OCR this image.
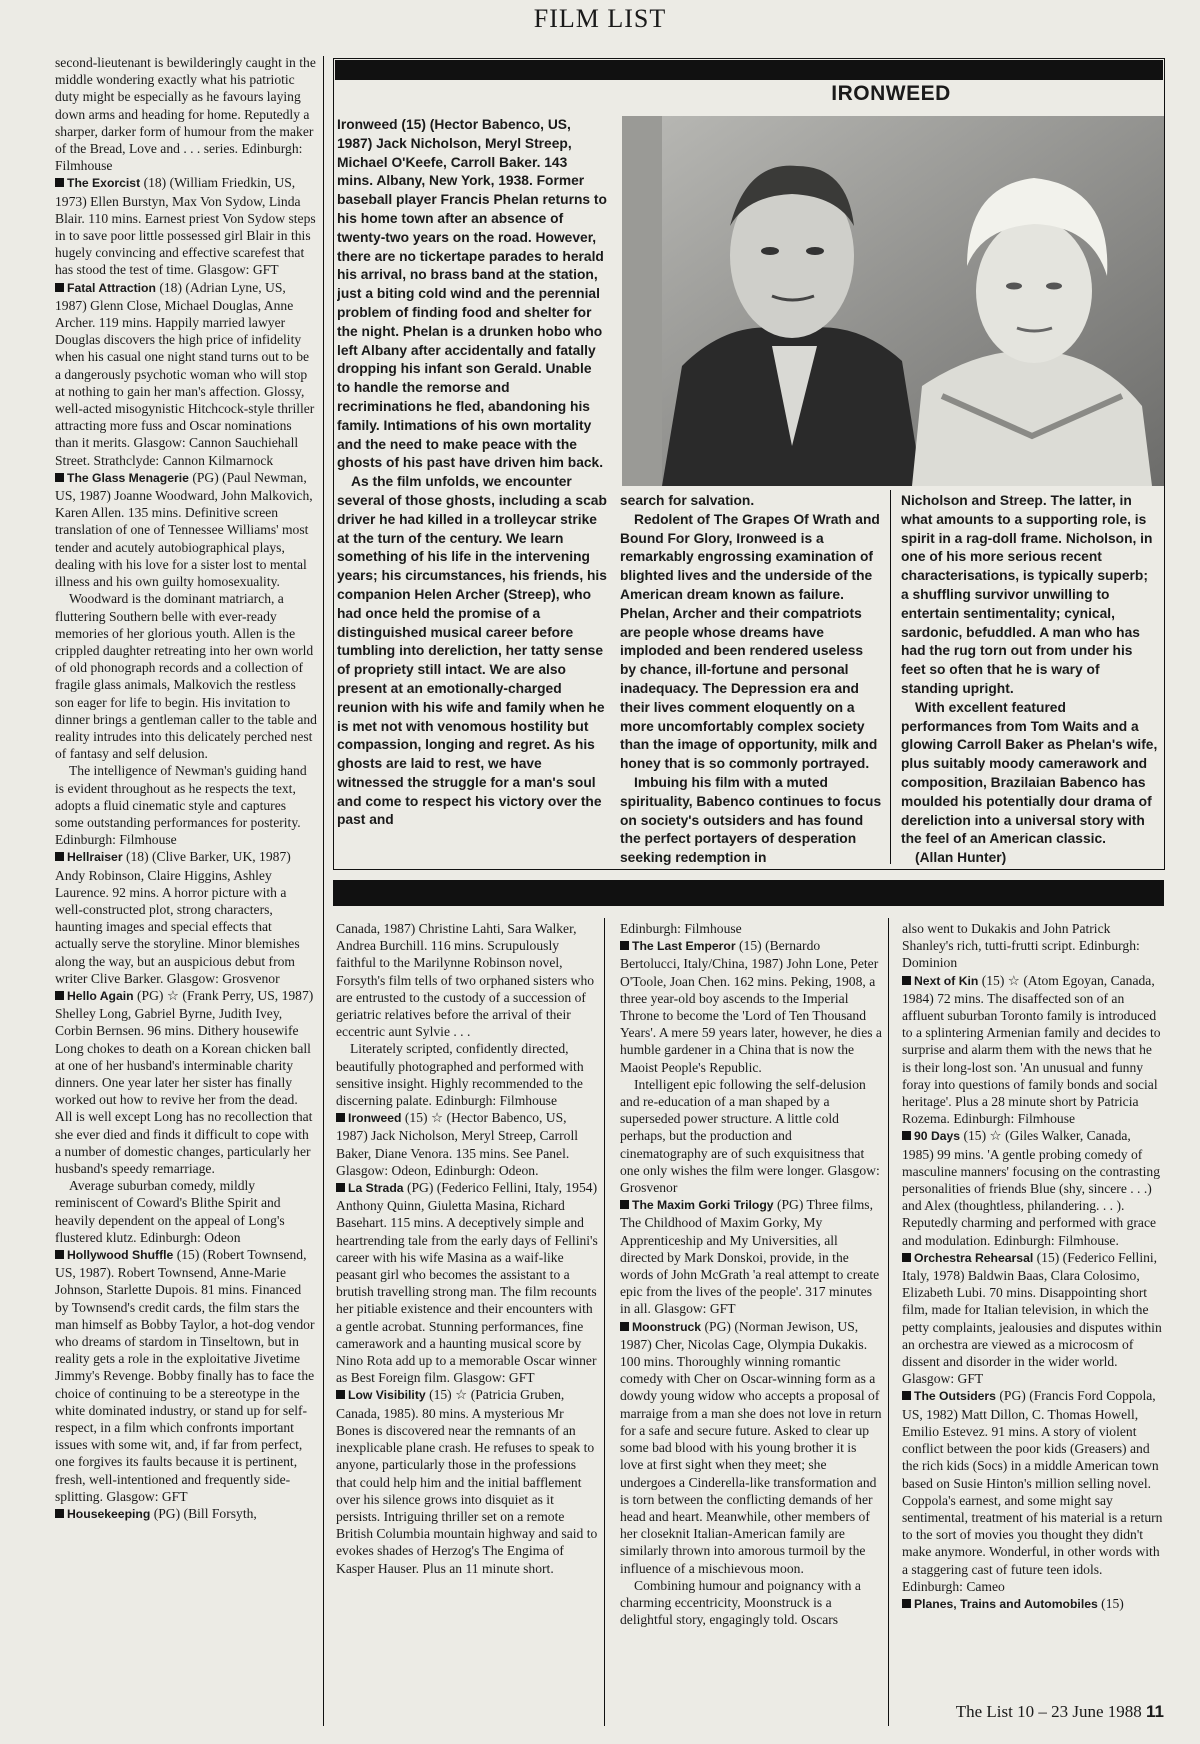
FILM LIST

second-lieutenant is bewilderingly caught in the middle wondering exactly what his patriotic duty might be especially as he favours laying down arms and heading for home. Reputedly a sharper, darker form of humour from the maker of the Bread, Love and . . . series. Edinburgh: Filmhouse

The Exorcist (18) (William Friedkin, US, 1973) Ellen Burstyn, Max Von Sydow, Linda Blair. 110 mins. Earnest priest Von Sydow steps in to save poor little possessed girl Blair in this hugely convincing and effective scarefest that has stood the test of time. Glasgow: GFT

Fatal Attraction (18) (Adrian Lyne, US, 1987) Glenn Close, Michael Douglas, Anne Archer. 119 mins. Happily married lawyer Douglas discovers the high price of infidelity when his casual one night stand turns out to be a dangerously psychotic woman who will stop at nothing to gain her man's affection. Glossy, well-acted misogynistic Hitchcock-style thriller attracting more fuss and Oscar nominations than it merits. Glasgow: Cannon Sauchiehall Street. Strathclyde: Cannon Kilmarnock

The Glass Menagerie (PG) (Paul Newman, US, 1987) Joanne Woodward, John Malkovich, Karen Allen. 135 mins. Definitive screen translation of one of Tennessee Williams' most tender and acutely autobiographical plays, dealing with his love for a sister lost to mental illness and his own guilty homosexuality.

Woodward is the dominant matriarch, a fluttering Southern belle with ever-ready memories of her glorious youth. Allen is the crippled daughter retreating into her own world of old phonograph records and a collection of fragile glass animals, Malkovich the restless son eager for life to begin. His invitation to dinner brings a gentleman caller to the table and reality intrudes into this delicately perched nest of fantasy and self delusion.

The intelligence of Newman's guiding hand is evident throughout as he respects the text, adopts a fluid cinematic style and captures some outstanding performances for posterity. Edinburgh: Filmhouse

Hellraiser (18) (Clive Barker, UK, 1987) Andy Robinson, Claire Higgins, Ashley Laurence. 92 mins. A horror picture with a well-constructed plot, strong characters, haunting images and special effects that actually serve the storyline. Minor blemishes along the way, but an auspicious debut from writer Clive Barker. Glasgow: Grosvenor

Hello Again (PG) ☆ (Frank Perry, US, 1987) Shelley Long, Gabriel Byrne, Judith Ivey, Corbin Bernsen. 96 mins. Dithery housewife Long chokes to death on a Korean chicken ball at one of her husband's interminable charity dinners. One year later her sister has finally worked out how to revive her from the dead. All is well except Long has no recollection that she ever died and finds it difficult to cope with a number of domestic changes, particularly her husband's speedy remarriage.

Average suburban comedy, mildly reminiscent of Coward's Blithe Spirit and heavily dependent on the appeal of Long's flustered klutz. Edinburgh: Odeon

Hollywood Shuffle (15) (Robert Townsend, US, 1987). Robert Townsend, Anne-Marie Johnson, Starlette Dupois. 81 mins. Financed by Townsend's credit cards, the film stars the man himself as Bobby Taylor, a hot-dog vendor who dreams of stardom in Tinseltown, but in reality gets a role in the exploitative Jivetime Jimmy's Revenge. Bobby finally has to face the choice of continuing to be a stereotype in the white dominated industry, or stand up for self-respect, in a film which confronts important issues with some wit, and, if far from perfect, one forgives its faults because it is pertinent, fresh, well-intentioned and frequently side-splitting. Glasgow: GFT

Housekeeping (PG) (Bill Forsyth,

IRONWEED

Ironweed (15) (Hector Babenco, US, 1987) Jack Nicholson, Meryl Streep, Michael O'Keefe, Carroll Baker. 143 mins. Albany, New York, 1938. Former baseball player Francis Phelan returns to his home town after an absence of twenty-two years on the road. However, there are no tickertape parades to herald his arrival, no brass band at the station, just a biting cold wind and the perennial problem of finding food and shelter for the night. Phelan is a drunken hobo who left Albany after accidentally and fatally dropping his infant son Gerald. Unable to handle the remorse and recriminations he fled, abandoning his family. Intimations of his own mortality and the need to make peace with the ghosts of his past have driven him back.

As the film unfolds, we encounter several of those ghosts, including a scab driver he had killed in a trolleycar strike at the turn of the century. We learn something of his life in the intervening years; his circumstances, his friends, his companion Helen Archer (Streep), who had once held the promise of a distinguished musical career before tumbling into dereliction, her tatty sense of propriety still intact. We are also present at an emotionally-charged reunion with his wife and family when he is met not with venomous hostility but compassion, longing and regret. As his ghosts are laid to rest, we have witnessed the struggle for a man's soul and come to respect his victory over the past and

search for salvation.

Redolent of The Grapes Of Wrath and Bound For Glory, Ironweed is a remarkably engrossing examination of blighted lives and the underside of the American dream known as failure. Phelan, Archer and their compatriots are people whose dreams have imploded and been rendered useless by chance, ill-fortune and personal inadequacy. The Depression era and their lives comment eloquently on a more uncomfortably complex society than the image of opportunity, milk and honey that is so commonly portrayed.

Imbuing his film with a muted spirituality, Babenco continues to focus on society's outsiders and has found the perfect portayers of desperation seeking redemption in

Nicholson and Streep. The latter, in what amounts to a supporting role, is spirit in a rag-doll frame. Nicholson, in one of his more serious recent characterisations, is typically superb; a shuffling survivor unwilling to entertain sentimentality; cynical, sardonic, befuddled. A man who has had the rug torn out from under his feet so often that he is wary of standing upright.

With excellent featured performances from Tom Waits and a glowing Carroll Baker as Phelan's wife, plus suitably moody camerawork and composition, Brazilaian Babenco has moulded his potentially dour drama of dereliction into a universal story with the feel of an American classic.

(Allan Hunter)

Canada, 1987) Christine Lahti, Sara Walker, Andrea Burchill. 116 mins. Scrupulously faithful to the Marilynne Robinson novel, Forsyth's film tells of two orphaned sisters who are entrusted to the custody of a succession of geriatric relatives before the arrival of their eccentric aunt Sylvie . . .

Literately scripted, confidently directed, beautifully photographed and performed with sensitive insight. Highly recommended to the discerning palate. Edinburgh: Filmhouse

Ironweed (15) ☆ (Hector Babenco, US, 1987) Jack Nicholson, Meryl Streep, Carroll Baker, Diane Venora. 135 mins. See Panel. Glasgow: Odeon, Edinburgh: Odeon.

La Strada (PG) (Federico Fellini, Italy, 1954) Anthony Quinn, Giuletta Masina, Richard Basehart. 115 mins. A deceptively simple and heartrending tale from the early days of Fellini's career with his wife Masina as a waif-like peasant girl who becomes the assistant to a brutish travelling strong man. The film recounts her pitiable existence and their encounters with a gentle acrobat. Stunning performances, fine camerawork and a haunting musical score by Nino Rota add up to a memorable Oscar winner as Best Foreign film. Glasgow: GFT

Low Visibility (15) ☆ (Patricia Gruben, Canada, 1985). 80 mins. A mysterious Mr Bones is discovered near the remnants of an inexplicable plane crash. He refuses to speak to anyone, particularly those in the professions that could help him and the initial bafflement over his silence grows into disquiet as it persists. Intriguing thriller set on a remote British Columbia mountain highway and said to evokes shades of Herzog's The Engima of Kasper Hauser. Plus an 11 minute short.

Edinburgh: Filmhouse

The Last Emperor (15) (Bernardo Bertolucci, Italy/China, 1987) John Lone, Peter O'Toole, Joan Chen. 162 mins. Peking, 1908, a three year-old boy ascends to the Imperial Throne to become the 'Lord of Ten Thousand Years'. A mere 59 years later, however, he dies a humble gardener in a China that is now the Maoist People's Republic.

Intelligent epic following the self-delusion and re-education of a man shaped by a superseded power structure. A little cold perhaps, but the production and cinematography are of such exquisitness that one only wishes the film were longer. Glasgow: Grosvenor

The Maxim Gorki Trilogy (PG) Three films, The Childhood of Maxim Gorky, My Apprenticeship and My Universities, all directed by Mark Donskoi, provide, in the words of John McGrath 'a real attempt to create epic from the lives of the people'. 317 minutes in all. Glasgow: GFT

Moonstruck (PG) (Norman Jewison, US, 1987) Cher, Nicolas Cage, Olympia Dukakis. 100 mins. Thoroughly winning romantic comedy with Cher on Oscar-winning form as a dowdy young widow who accepts a proposal of marraige from a man she does not love in return for a safe and secure future. Asked to clear up some bad blood with his young brother it is love at first sight when they meet; she undergoes a Cinderella-like transformation and is torn between the conflicting demands of her head and heart. Meanwhile, other members of her closeknit Italian-American family are similarly thrown into amorous turmoil by the influence of a mischievous moon.

Combining humour and poignancy with a charming eccentricity, Moonstruck is a delightful story, engagingly told. Oscars

also went to Dukakis and John Patrick Shanley's rich, tutti-frutti script. Edinburgh: Dominion

Next of Kin (15) ☆ (Atom Egoyan, Canada, 1984) 72 mins. The disaffected son of an affluent suburban Toronto family is introduced to a splintering Armenian family and decides to surprise and alarm them with the news that he is their long-lost son. 'An unusual and funny foray into questions of family bonds and social heritage'. Plus a 28 minute short by Patricia Rozema. Edinburgh: Filmhouse

90 Days (15) ☆ (Giles Walker, Canada, 1985) 99 mins. 'A gentle probing comedy of masculine manners' focusing on the contrasting personalities of friends Blue (shy, sincere . . .) and Alex (thoughtless, philandering. . . ). Reputedly charming and performed with grace and modulation. Edinburgh: Filmhouse.

Orchestra Rehearsal (15) (Federico Fellini, Italy, 1978) Baldwin Baas, Clara Colosimo, Elizabeth Lubi. 70 mins. Disappointing short film, made for Italian television, in which the petty complaints, jealousies and disputes within an orchestra are viewed as a microcosm of dissent and disorder in the wider world. Glasgow: GFT

The Outsiders (PG) (Francis Ford Coppola, US, 1982) Matt Dillon, C. Thomas Howell, Emilio Estevez. 91 mins. A story of violent conflict between the poor kids (Greasers) and the rich kids (Socs) in a middle American town based on Susie Hinton's million selling novel. Coppola's earnest, and some might say sentimental, treatment of his material is a return to the sort of movies you thought they didn't make anymore. Wonderful, in other words with a staggering cast of future teen idols. Edinburgh: Cameo

Planes, Trains and Automobiles (15)

The List 10 – 23 June 1988 11
